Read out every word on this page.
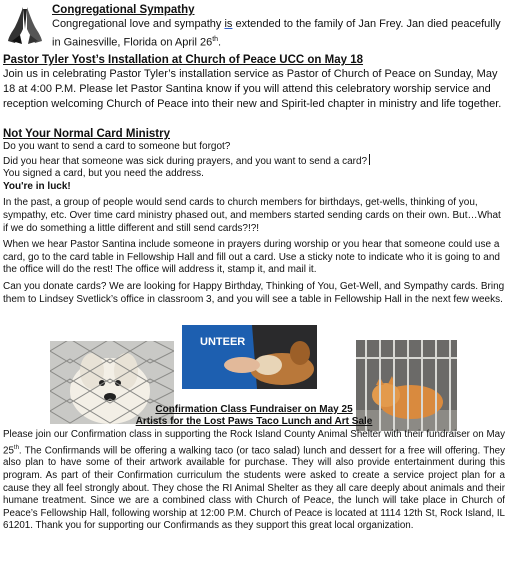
Congregational Sympathy
Congregational love and sympathy is extended to the family of Jan Frey. Jan died peacefully
in Gainesville, Florida on April 26th.
Pastor Tyler Yost’s Installation at Church of Peace UCC on May 18

Join us in celebrating Pastor Tyler’s installation service as Pastor of Church of Peace on Sunday, May 18 at 4:00 P.M. Please let Pastor Santina know if you will attend this celebratory worship service and reception welcoming Church of Peace into their new and Spirit-led chapter in ministry and life together.

Not Your Normal Card Ministry

Do you want to send a card to someone but forgot?

Did you hear that someone was sick during prayers, and you want to send a card?

You signed a card, but you need the address.

You're in luck!

In the past, a group of people would send cards to church members for birthdays, get-wells, thinking of you, sympathy, etc. Over time card ministry phased out, and members started sending cards on their own. But…What if we do something a little different and still send cards?!?!

When we hear Pastor Santina include someone in prayers during worship or you hear that someone could use a card, go to the card table in Fellowship Hall and fill out a card. Use a sticky note to indicate who it is going to and the office will do the rest! The office will address it, stamp it, and mail it.

Can you donate cards? We are looking for Happy Birthday, Thinking of You, Get-Well, and Sympathy cards. Bring them to Lindsey Svetlick’s office in classroom 3, and you will see a table in Fellowship Hall in the next few weeks.

UNTEER
Confirmation Class Fundraiser on May 25
Artists for the Lost Paws Taco Lunch and Art Sale
Please join our Confirmation class in supporting the Rock Island County Animal Shelter with their fundraiser on May 25th. The Confirmands will be offering a walking taco (or taco salad) lunch and dessert for a free will offering. They also plan to have some of their artwork available for purchase. They will also provide entertainment during this program. As part of their Confirmation curriculum the students were asked to create a service project plan for a cause they all feel strongly about. They chose the RI Animal Shelter as they all care deeply about animals and their humane treatment. Since we are a combined class with Church of Peace, the lunch will take place in Church of Peace’s Fellowship Hall, following worship at 12:00 P.M. Church of Peace is located at 1114 12th St, Rock Island, IL 61201. Thank you for supporting our Confirmands as they support this great local organization.
